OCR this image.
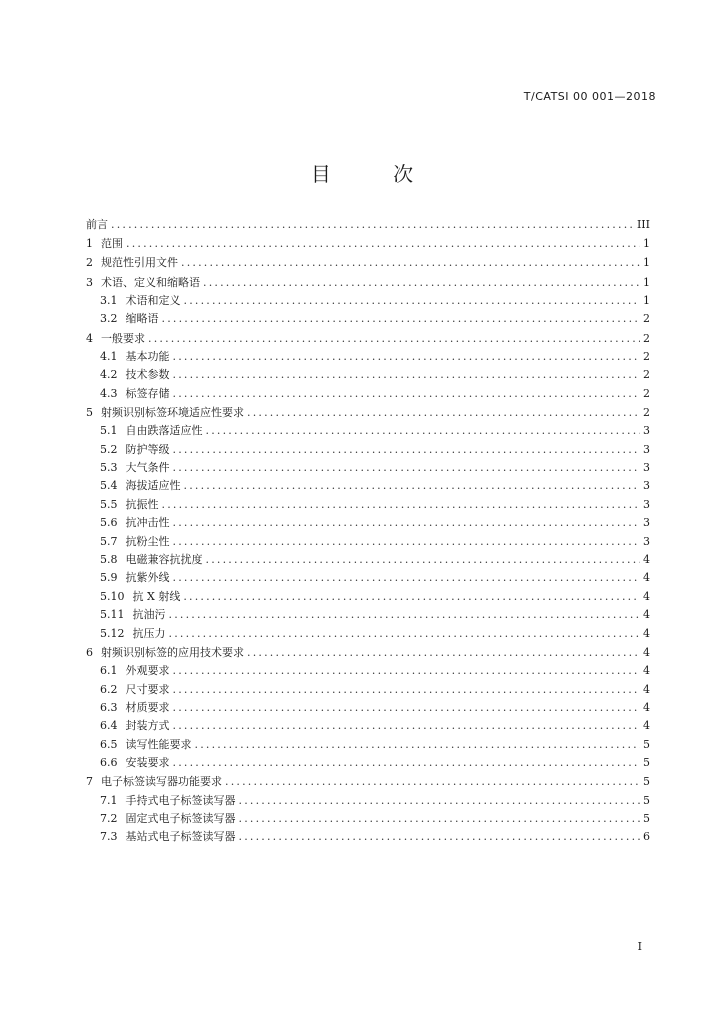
T/CATSI 00 001—2018
目 次
前言 .....	III
1 范围 .....	1
2 规范性引用文件 .....	1
3 术语、定义和缩略语 .....	1
3.1 术语和定义 .....	1
3.2 缩略语 .....	2
4 一般要求 .....	2
4.1 基本功能 .....	2
4.2 技术参数 .....	2
4.3 标签存储 .....	2
5 射频识别标签环境适应性要求 .....	2
5.1 自由跌落适应性 .....	3
5.2 防护等级 .....	3
5.3 大气条件 .....	3
5.4 海拔适应性 .....	3
5.5 抗振性 .....	3
5.6 抗冲击性 .....	3
5.7 抗粉尘性 .....	3
5.8 电磁兼容抗扰度 .....	4
5.9 抗紫外线 .....	4
5.10 抗 X 射线 .....	4
5.11 抗油污 .....	4
5.12 抗压力 .....	4
6 射频识别标签的应用技术要求 .....	4
6.1 外观要求 .....	4
6.2 尺寸要求 .....	4
6.3 材质要求 .....	4
6.4 封装方式 .....	4
6.5 读写性能要求 .....	5
6.6 安装要求 .....	5
7 电子标签读写器功能要求 .....	5
7.1 手持式电子标签读写器 .....	5
7.2 固定式电子标签读写器 .....	5
7.3 基站式电子标签读写器 .....	6
I
